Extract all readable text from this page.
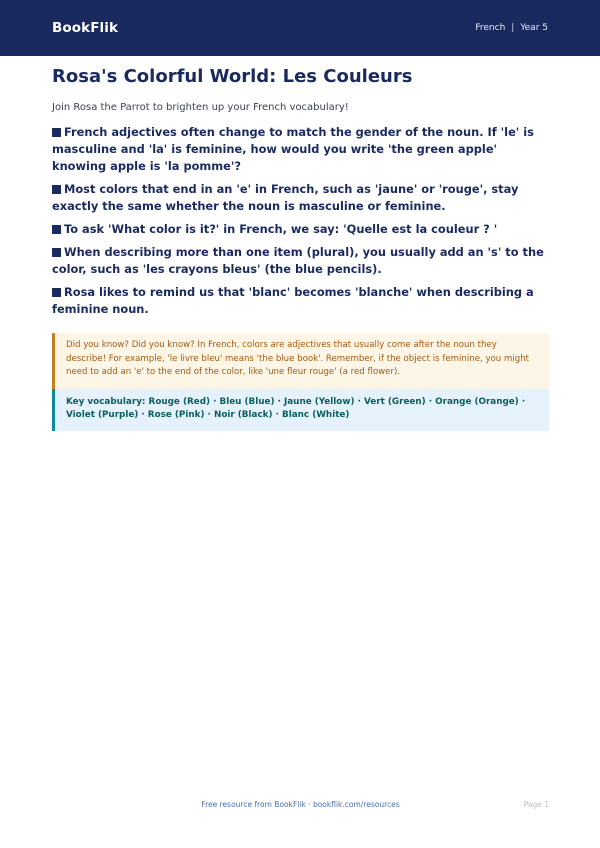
BookFlik	French | Year 5
Rosa's Colorful World: Les Couleurs

Join Rosa the Parrot to brighten up your French vocabulary!

French adjectives often change to match the gender of the noun. If 'le' is masculine and 'la' is feminine, how would you write 'the green apple' knowing apple is 'la pomme'?

Most colors that end in an 'e' in French, such as 'jaune' or 'rouge', stay exactly the same whether the noun is masculine or feminine.

To ask 'What color is it?' in French, we say: 'Quelle est la couleur ? '

When describing more than one item (plural), you usually add an 's' to the color, such as 'les crayons bleus' (the blue pencils).

Rosa likes to remind us that 'blanc' becomes 'blanche' when describing a feminine noun.

Did you know? Did you know? In French, colors are adjectives that usually come after the noun they describe! For example, 'le livre bleu' means 'the blue book'. Remember, if the object is feminine, you might need to add an 'e' to the end of the color, like 'une fleur rouge' (a red flower).
Key vocabulary: Rouge (Red) · Bleu (Blue) · Jaune (Yellow) · Vert (Green) · Orange (Orange) · Violet (Purple) · Rose (Pink) · Noir (Black) · Blanc (White)
Free resource from BookFlik · bookflik.com/resources	Page 1
